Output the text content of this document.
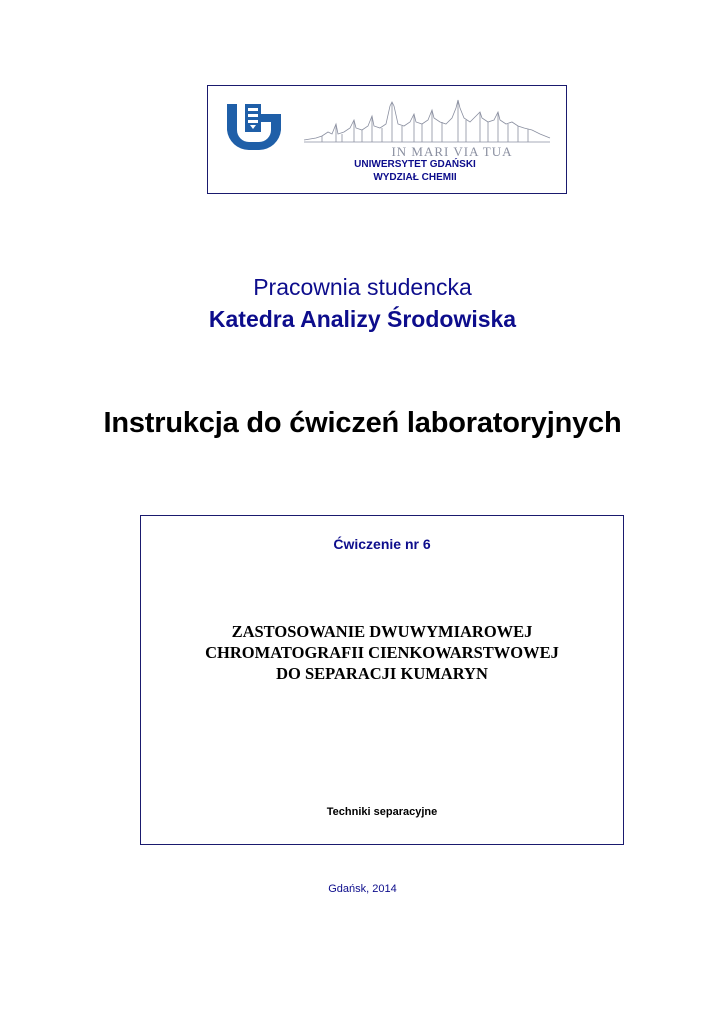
IN MARI VIA TUA
UNIWERSYTET GDAŃSKI
WYDZIAŁ CHEMII
Pracownia studencka
Katedra Analizy Środowiska
Instrukcja do ćwiczeń laboratoryjnych
Ćwiczenie nr 6
ZASTOSOWANIE DWUWYMIAROWEJ
CHROMATOGRAFII CIENKOWARSTWOWEJ
DO SEPARACJI KUMARYN
Techniki separacyjne
Gdańsk, 2014
